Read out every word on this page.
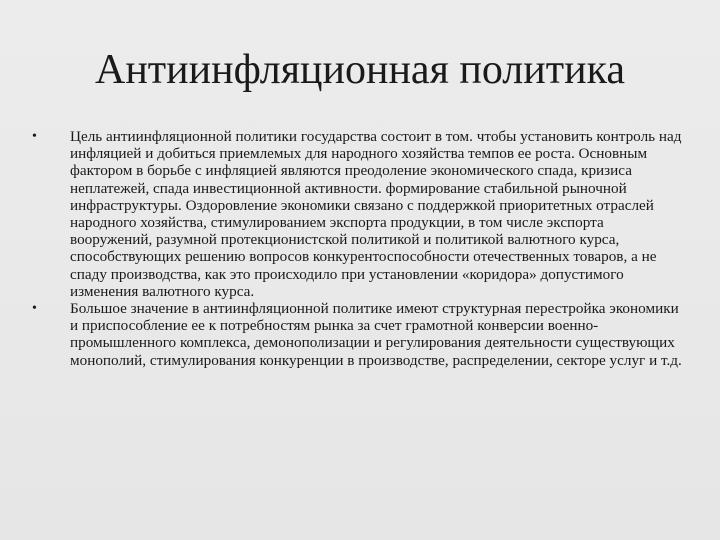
Антиинфляционная политика
• Цель антиинфляционной политики государства состоит в том. чтобы установить контроль над инфляцией и добиться приемлемых для народного хозяйства темпов ее роста. Основным фактором в борьбе с инфляцией являются преодоление экономического спада, кризиса неплатежей, спада инвестиционной активности. формирование стабильной рыночной инфраструктуры. Оздоровление экономики связано с поддержкой приоритетных отраслей народного хозяйства, стимулированием экспорта продукции, в том числе экспорта вооружений, разумной протекционистской политикой и политикой валютного курса, способствующих решению вопросов конкурентоспособности отечественных товаров, а не спаду производства, как это происходило при установлении «коридора» допустимого изменения валютного курса.
• Большое значение в антиинфляционной политике имеют структурная перестройка экономики и приспособление ее к потребностям рынка за счет грамотной конверсии военно-промышленного комплекса, демонополизации и регулирования деятельности существующих монополий, стимулирования конкуренции в производстве, распределении, секторе услуг и т.д.
